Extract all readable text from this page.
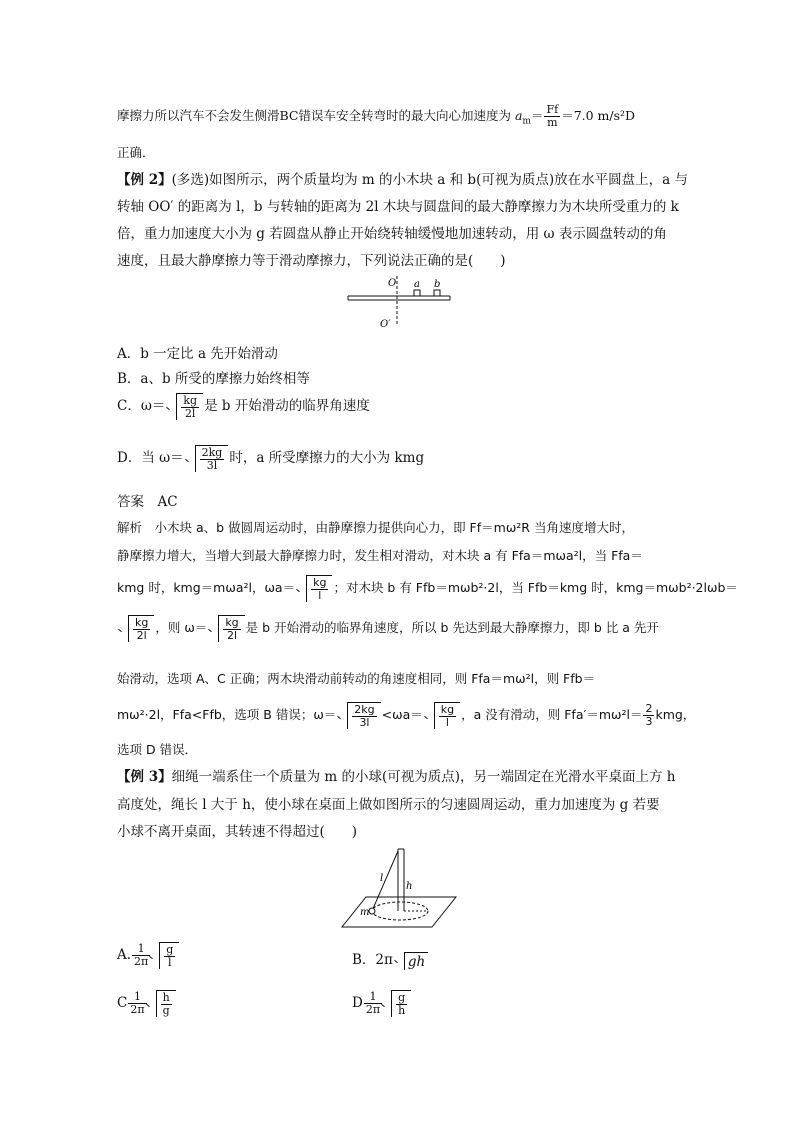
摩擦力所以汽车不会发生侧滑BC错误车安全转弯时的最大向心加速度为 $a_m= \frac{Ff}{m} =7.0$ m/s²D
正确．
【例 2】(多选)如图所示，两个质量均为 m 的小木块 a 和 b(可视为质点)放在水平圆盘上，a 与
转轴 OO′ 的距离为 l，b 与转轴的距离为 2l 木块与圆盘间的最大静摩擦力为木块所受重力的 k
倍，重力加速度大小为 g 若圆盘从静止开始绕转轴缓慢地加速转动，用 ω 表示圆盘转动的角
速度，且最大静摩擦力等于滑动摩擦力，下列说法正确的是(　　)
O
O′
a b
A．b 一定比 a 先开始滑动
B．a、b 所受的摩擦力始终相等
C．$\omega= \frac{kg}{2l}$ 是 b 开始滑动的临界角速度
D．当 $\omega= \frac{2kg}{3l}$ 时，a 所受摩擦力的大小为 kmg
答案　 AC
解析　 小木块 a、b 做圆周运动时，由静摩擦力提供向心力，即 Ff＝mω²R 当角速度增大时，
静摩擦力增大，当增大到最大静摩擦力时，发生相对滑动，对木块 a 有 Ffa＝mωa²l，当 Ffa＝
kmg 时，kmg＝mωa²l，$\omega a= \frac{kg}{l}$ ；对木块 b 有 Ffb＝mωb²·2l，当 Ffb＝kmg 时，kmg＝mωb²·2lωb＝
$\frac{kg}{2l}$ ，则 $\omega= \frac{kg}{2l}$ 是 b 开始滑动的临界角速度，所以 b 先达到最大静摩擦力，即 b 比 a 先开
始滑动，选项 A、C 正确；两木块滑动前转动的角速度相同，则 Ffa＝mω²l，则 Ffb＝
mω²·2l，Ffa<Ffb，选项 B 错误；$\omega= \frac{2kg}{3l} <\omega a= \frac{kg}{l}$ ，a 没有滑动，则 $Ffa'=m\omega^2l= \frac{2}{3}$ kmg，
选项 D 错误．
【例 3】细绳一端系住一个质量为 m 的小球(可视为质点)，另一端固定在光滑水平桌面上方 h
高度处，绳长 l 大于 h，使小球在桌面上做如图所示的匀速圆周运动，重力加速度为 g 若要
小球不离开桌面，其转速不得超过(　　)
l
h
m
A. $\frac{1}{2\pi} \frac{g}{l}$	B．2π gh
C $\frac{1}{2\pi} \frac{h}{g}$	D $\frac{1}{2\pi} \frac{g}{h}$
